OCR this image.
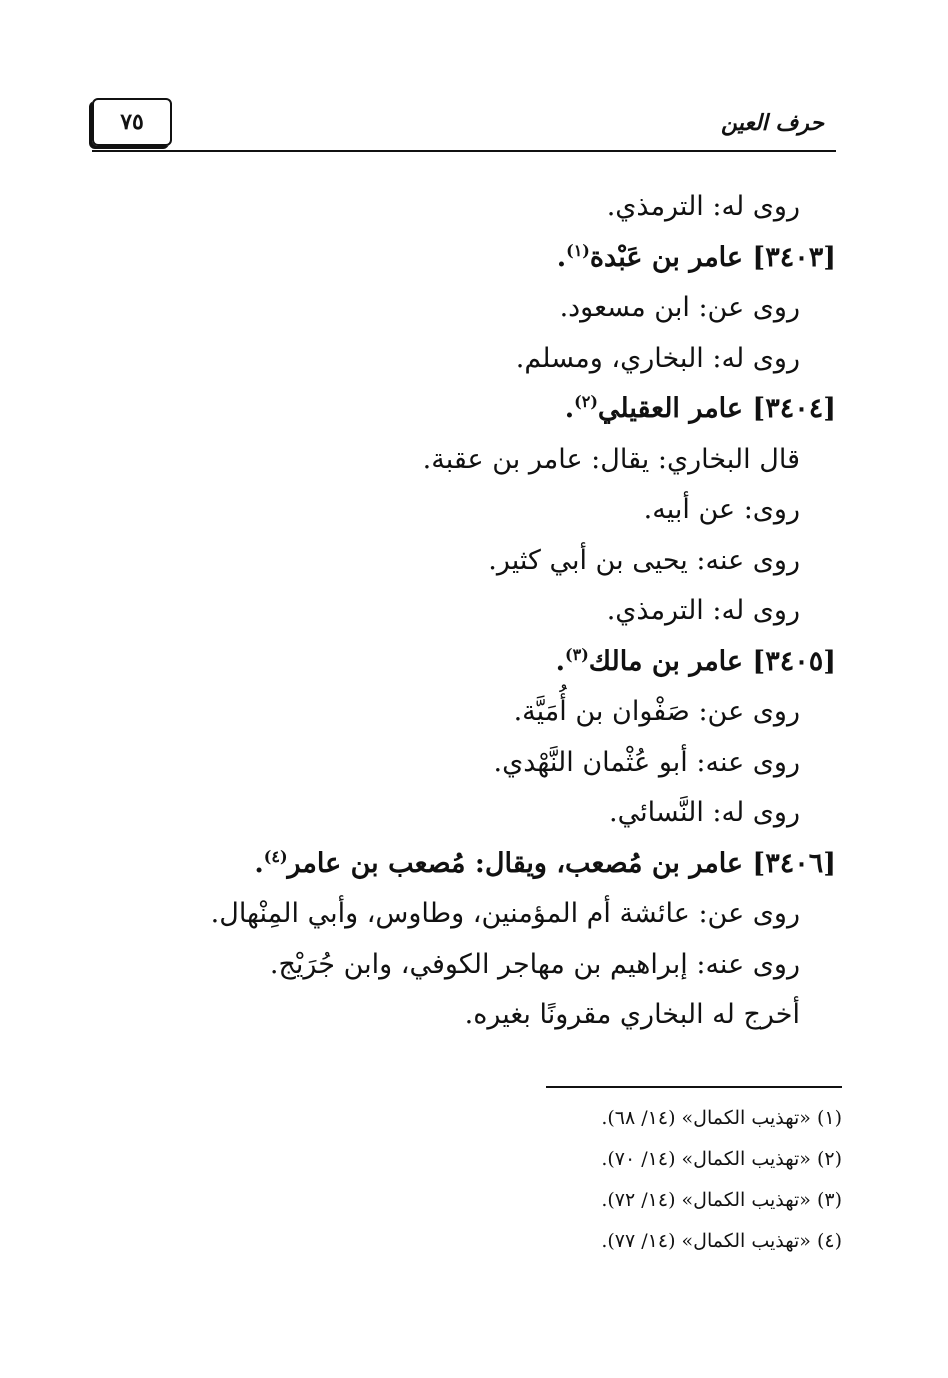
٧٥	حرف العين
روى له: الترمذي.
[٣٤٠٣] عامر بن عَبْدة$^{(١)}$.
روى عن: ابن مسعود.
روى له: البخاري، ومسلم.
[٣٤٠٤] عامر العقيلي$^{(٢)}$.
قال البخاري: يقال: عامر بن عقبة.
روى: عن أبيه.
روى عنه: يحيى بن أبي كثير.
روى له: الترمذي.
[٣٤٠٥] عامر بن مالك$^{(٣)}$.
روى عن: صَفْوان بن أُمَيَّة.
روى عنه: أبو عُثْمان النَّهْدي.
روى له: النَّسائي.
[٣٤٠٦] عامر بن مُصعب، ويقال: مُصعب بن عامر$^{(٤)}$.
روى عن: عائشة أم المؤمنين، وطاوس، وأبي المِنْهال.
روى عنه: إبراهيم بن مهاجر الكوفي، وابن جُرَيْج.
أخرج له البخاري مقرونًا بغيره.
(١) «تهذيب الكمال» (١٤/ ٦٨).
(٢) «تهذيب الكمال» (١٤/ ٧٠).
(٣) «تهذيب الكمال» (١٤/ ٧٢).
(٤) «تهذيب الكمال» (١٤/ ٧٧).
